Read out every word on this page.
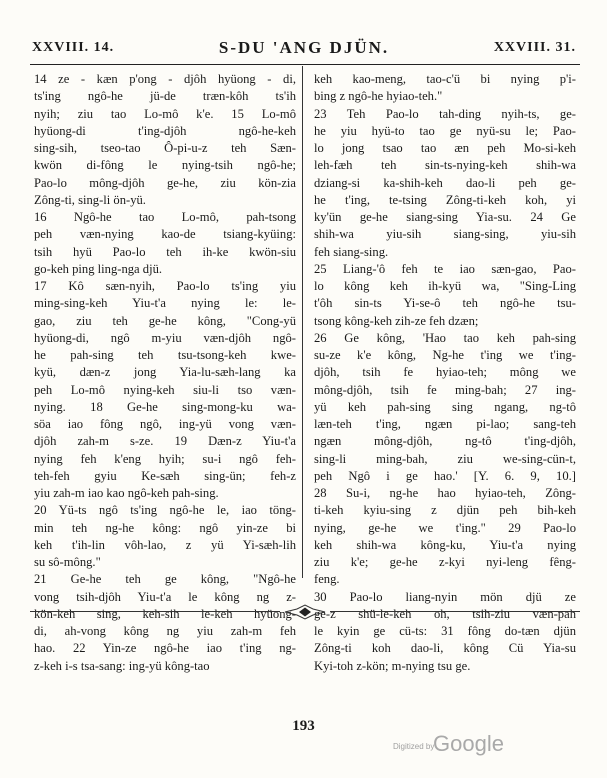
XXVIII. 14.	S-DU 'ANG DJÜN.	XXVIII. 31.
14 ze - kæn p'ong - djôh hyüong - di,
ts'ing ngô-he jü-de træn-kôh ts'ih
nyih; ziu tao Lo-mô k'e. 15 Lo-mô
hyüong-di t'ing-djôh ngô-he-keh
sing-sih, tseo-tao Ô-pi-u-z teh Sæn-
kwön di-fông le nying-tsih ngô-he;
Pao-lo mông-djôh ge-he, ziu kön-zia
Zông-ti, sing-li ön-yü.
16 Ngô-he tao Lo-mô, pah-tsong
peh væn-nying kao-de tsiang-kyüing:
tsih hyü Pao-lo teh ih-ke kwön-siu
go-keh ping ling-nga djü.
17 Kô sæn-nyih, Pao-lo ts'ing yiu
ming-sing-keh Yiu-t'a nying le: le-
gao, ziu teh ge-he kông, "Cong-yü
hyüong-di, ngô m-yiu væn-djôh ngô-
he pah-sing teh tsu-tsong-keh kwe-
kyü, dæn-z jong Yia-lu-sæh-lang ka
peh Lo-mô nying-keh siu-li tso væn-
nying. 18 Ge-he sing-mong-ku wa-
söa iao fông ngô, ing-yü vong væn-
djôh zah-m s-ze. 19 Dæn-z Yiu-t'a
nying feh k'eng hyih; su-i ngô feh-
teh-feh gyiu Ke-sæh sing-ün; feh-z
yiu zah-m iao kao ngô-keh pah-sing.
20 Yü-ts ngô ts'ing ngô-he le, iao töng-
min teh ng-he kông: ngô yin-ze bi
keh t'ih-lin vôh-lao, z yü Yi-sæh-lih
su sô-mông."
21 Ge-he teh ge kông, "Ngô-he
vong tsih-djôh Yiu-t'a le kông ng z-
kön-keh sing, keh-sih le-keh hyüong-
di, ah-vong kông ng yiu zah-m feh
hao. 22 Yin-ze ngô-he iao t'ing ng-
z-keh i-s tsa-sang: ing-yü kông-tao
keh kao-meng, tao-c'ü bi nying p'i-
bing z ngô-he hyiao-teh."
23 Teh Pao-lo tah-ding nyih-ts, ge-
he yiu hyü-to tao ge nyü-su le; Pao-
lo jong tsao tao æn peh Mo-si-keh
leh-fæh teh sin-ts-nying-keh shih-wa
dziang-si ka-shih-keh dao-li peh ge-
he t'ing, te-tsing Zông-ti-keh koh, yi
ky'ün ge-he siang-sing Yia-su. 24 Ge
shih-wa yiu-sih siang-sing, yiu-sih
feh siang-sing.
25 Liang-'ô feh te iao sæn-gao, Pao-
lo kông keh ih-kyü wa, "Sing-Ling
t'ôh sin-ts Yi-se-ô teh ngô-he tsu-
tsong kông-keh zih-ze feh dzæn;
26 Ge kông, 'Hao tao keh pah-sing
su-ze k'e kông, Ng-he t'ing we t'ing-
djôh, tsih fe hyiao-teh; mông we
mông-djôh, tsih fe ming-bah; 27 ing-
yü keh pah-sing sing ngang, ng-tô
læn-teh t'ing, ngæn pi-lao; sang-teh
ngæn mông-djôh, ng-tô t'ing-djôh,
sing-li ming-bah, ziu we-sing-cün-t,
peh Ngô i ge hao.' [Y. 6. 9, 10.]
28 Su-i, ng-he hao hyiao-teh, Zông-
ti-keh kyiu-sing z djün peh bih-keh
nying, ge-he we t'ing." 29 Pao-lo
keh shih-wa kông-ku, Yiu-t'a nying
ziu k'e; ge-he z-kyi nyi-leng fêng-
feng.
30 Pao-lo liang-nyin mön djü ze
ge-z shü-le-keh oh, tsih-ziu væn-pah
le kyin ge cü-ts: 31 fông do-tæn djün
Zông-ti koh dao-li, kông Cü Yia-su
Kyi-toh z-kön; m-nying tsu ge.
193
Digitized by
Google
